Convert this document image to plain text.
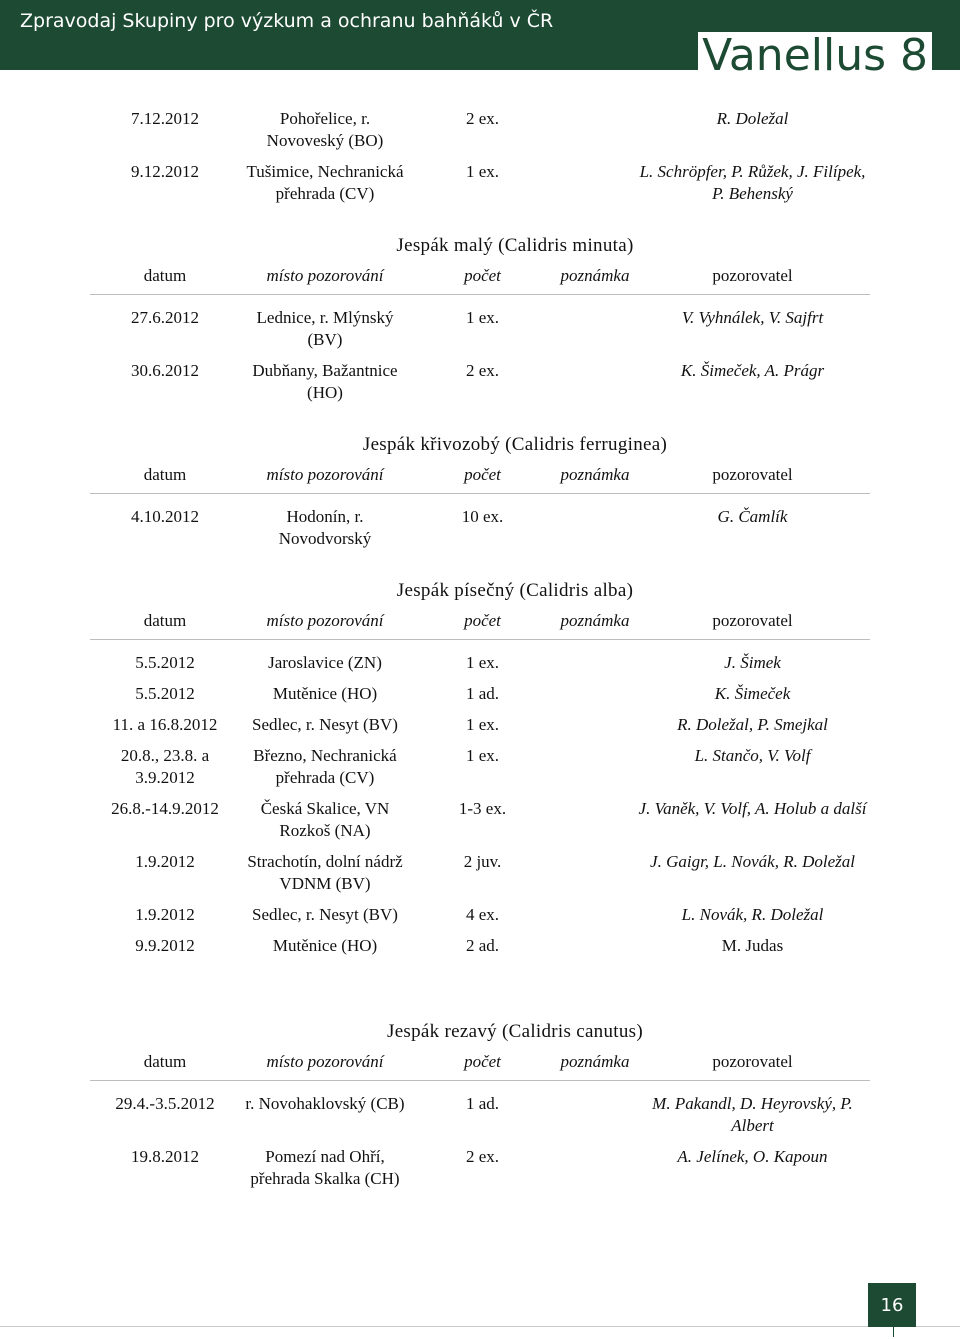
Zpravodaj Skupiny pro výzkum a ochranu bahňáků v ČR
Vanellus 8
7.12.2012	Pohořelice, r. Novoveský (BO)	2 ex.		R. Doležal
9.12.2012	Tušimice, Nechranická přehrada (CV)	1 ex.		L. Schröpfer, P. Růžek, J. Filípek, P. Behenský
Jespák malý (Calidris minuta)
datum	místo pozorování	počet	poznámka	pozorovatel
27.6.2012	Lednice, r. Mlýnský (BV)	1 ex.		V. Vyhnálek, V. Sajfrt
30.6.2012	Dubňany, Bažantnice (HO)	2 ex.		K. Šimeček, A. Prágr
Jespák křivozobý (Calidris ferruginea)
datum	místo pozorování	počet	poznámka	pozorovatel
4.10.2012	Hodonín, r. Novodvorský	10 ex.		G. Čamlík
Jespák písečný (Calidris alba)
datum	místo pozorování	počet	poznámka	pozorovatel
5.5.2012	Jaroslavice (ZN)	1 ex.		J. Šimek
5.5.2012	Mutěnice (HO)	1 ad.		K. Šimeček
11. a 16.8.2012	Sedlec, r. Nesyt (BV)	1 ex.		R. Doležal, P. Smejkal
20.8., 23.8. a 3.9.2012	Březno, Nechranická přehrada (CV)	1 ex.		L. Stančo, V. Volf
26.8.-14.9.2012	Česká Skalice, VN Rozkoš (NA)	1-3 ex.		J. Vaněk, V. Volf, A. Holub a další
1.9.2012	Strachotín, dolní nádrž VDNM (BV)	2 juv.		J. Gaigr, L. Novák, R. Doležal
1.9.2012	Sedlec, r. Nesyt (BV)	4 ex.		L. Novák, R. Doležal
9.9.2012	Mutěnice (HO)	2 ad.		M. Judas
Jespák rezavý (Calidris canutus)
datum	místo pozorování	počet	poznámka	pozorovatel
29.4.-3.5.2012	r. Novohaklovský (CB)	1 ad.		M. Pakandl, D. Heyrovský, P. Albert
19.8.2012	Pomezí nad Ohří, přehrada Skalka (CH)	2 ex.		A. Jelínek, O. Kapoun
16
